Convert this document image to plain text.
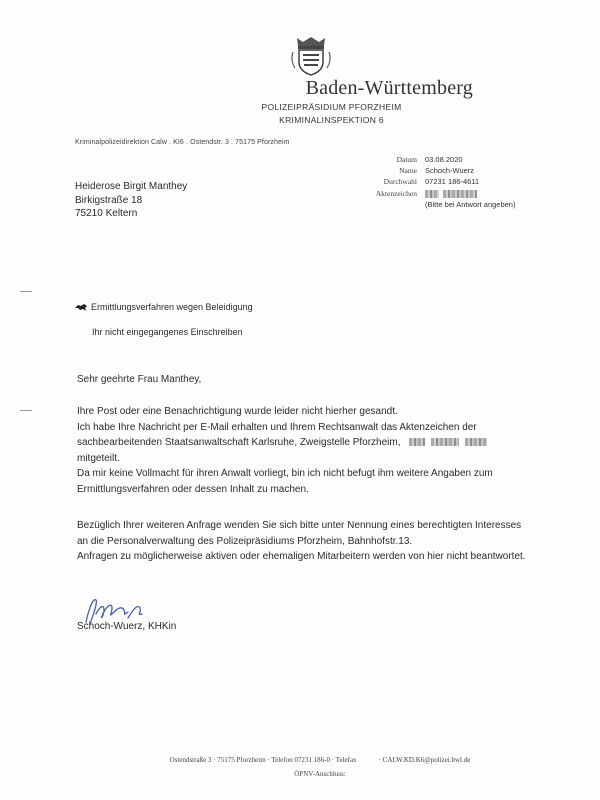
Baden-Württemberg
POLIZEIPRÄSIDIUM PFORZHEIM
KRIMINALINSPEKTION 6
Kriminalpolizeidirektion Calw . KI6 . Ostendstr. 3 . 75175 Pforzheim
Heiderose Birgit Manthey
Birkigstraße 18
75210 Keltern
Datum 03.08.2020
Name Schoch-Wuerz
Durchwahl 07231 186-4611
Aktenzeichen

(Bitte bei Antwort angeben)
Ermittlungsverfahren wegen Beleidigung
Ihr nicht eingegangenes Einschreiben
Sehr geehrte Frau Manthey,

Ihre Post oder eine Benachrichtigung wurde leider nicht hierher gesandt.

Ich habe Ihre Nachricht per E-Mail erhalten und Ihrem Rechtsanwalt das Aktenzeichen der

sachbearbeitenden Staatsanwaltschaft Karlsruhe, Zweigstelle Pforzheim,

mitgeteilt.

Da mir keine Vollmacht für ihren Anwalt vorliegt, bin ich nicht befugt ihm weitere Angaben zum

Ermittlungsverfahren oder dessen Inhalt zu machen.

Bezüglich Ihrer weiteren Anfrage wenden Sie sich bitte unter Nennung eines berechtigten Interesses

an die Personalverwaltung des Polizeipräsidiums Pforzheim, Bahnhofstr.13.

Anfragen zu möglicherweise aktiven oder ehemaligen Mitarbeitern werden von hier nicht beantwortet.

Schoch-Wuerz, KHKin
Ostendstraße 3 · 75175 Pforzheim · Telefon 07231 186-0 · Telefax	· CALW.KD.K6@polizei.bwl.de
ÖPNV-Anschluss:
